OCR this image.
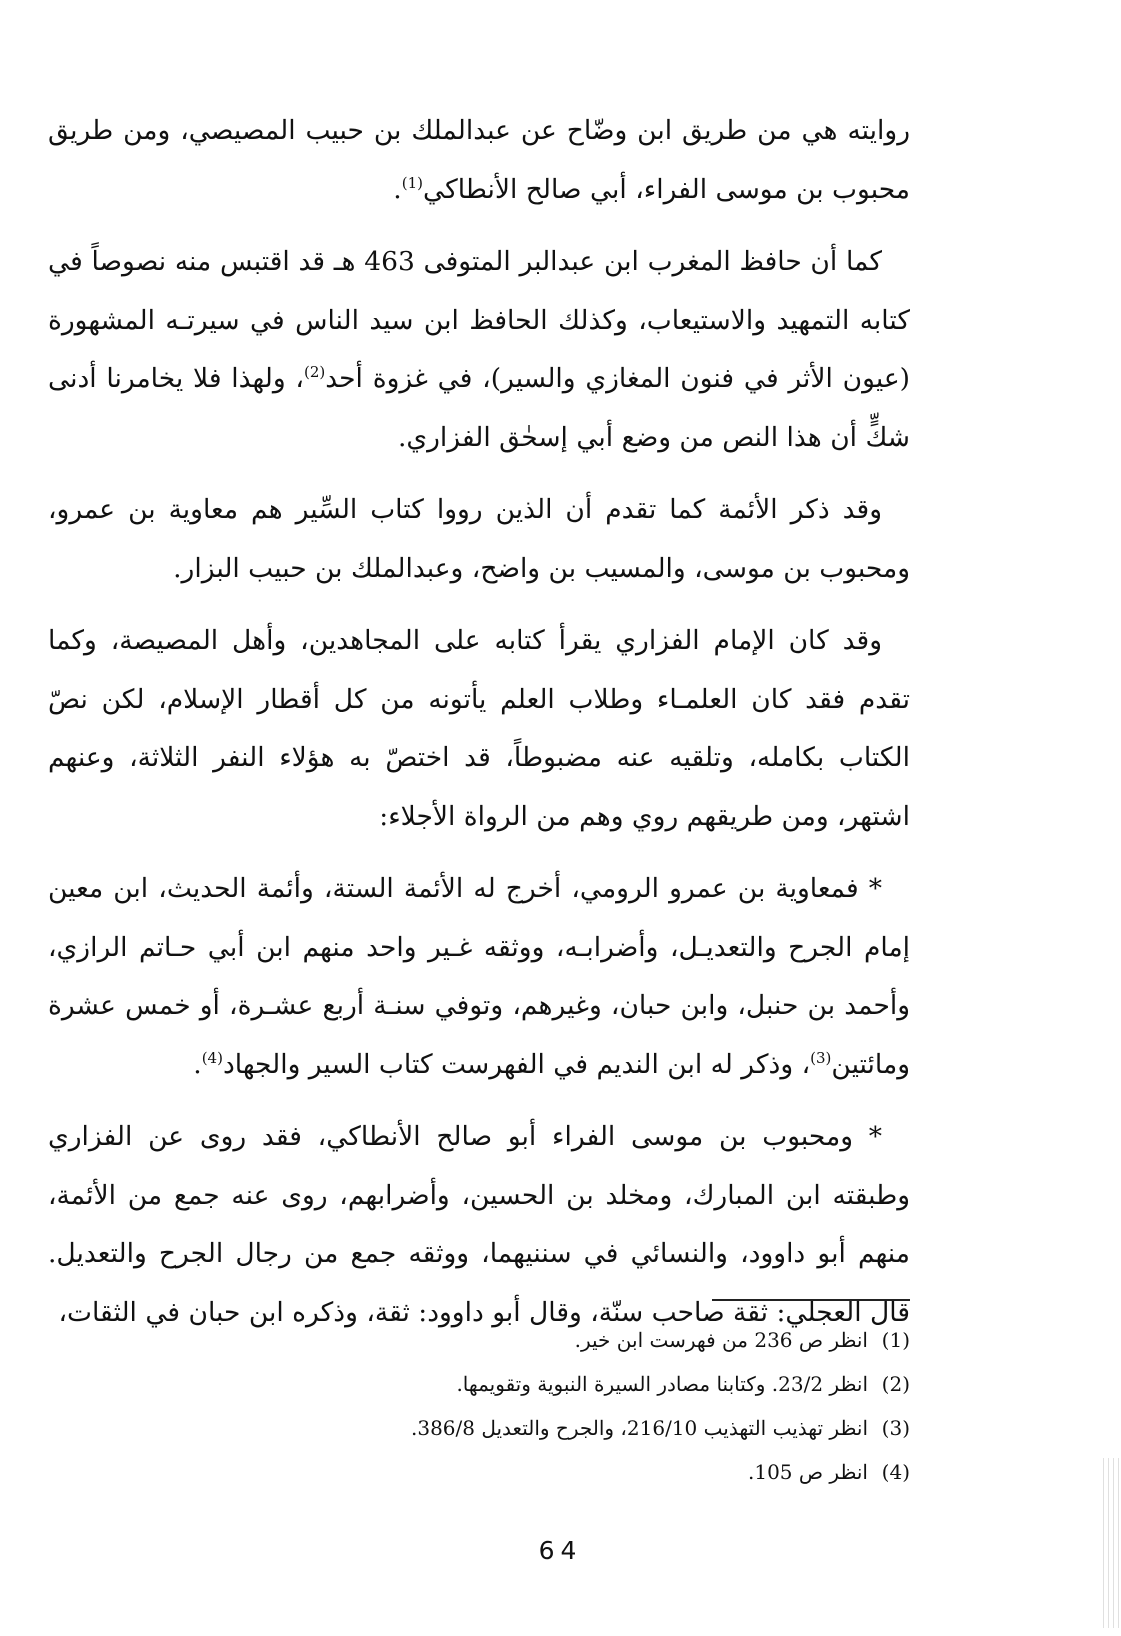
روايته هي من طريق ابن وضّاح عن عبدالملك بن حبيب المصيصي، ومن طريق محبوب بن موسى الفراء، أبي صالح الأنطاكي$^{(1)}$.

كما أن حافظ المغرب ابن عبدالبر المتوفى 463 هـ قد اقتبس منه نصوصاً في كتابه التمهيد والاستيعاب، وكذلك الحافظ ابن سيد الناس في سيرتـه المشهورة (عيون الأثر في فنون المغازي والسير)، في غزوة أحد$^{(2)}$، ولهذا فلا يخامرنا أدنى شكٍّ أن هذا النص من وضع أبي إسحٰق الفزاري.

وقد ذكر الأئمة كما تقدم أن الذين رووا كتاب السِّير هم معاوية بن عمرو، ومحبوب بن موسى، والمسيب بن واضح، وعبدالملك بن حبيب البزار.

وقد كان الإمام الفزاري يقرأ كتابه على المجاهدين، وأهل المصيصة، وكما تقدم فقد كان العلمـاء وطلاب العلم يأتونه من كل أقطار الإسلام، لكن نصّ الكتاب بكامله، وتلقيه عنه مضبوطاً، قد اختصّ به هؤلاء النفر الثلاثة، وعنهم اشتهر، ومن طريقهم روي وهم من الرواة الأجلاء:

* فمعاوية بن عمرو الرومي، أخرج له الأئمة الستة، وأئمة الحديث، ابن معين إمام الجرح والتعديـل، وأضرابـه، ووثقه غـير واحد منهم ابن أبي حـاتم الرازي، وأحمد بن حنبل، وابن حبان، وغيرهم، وتوفي سنـة أربع عشـرة، أو خمس عشرة ومائتين$^{(3)}$، وذكر له ابن النديم في الفهرست كتاب السير والجهاد$^{(4)}$.

* ومحبوب بن موسى الفراء أبو صالح الأنطاكي، فقد روى عن الفزاري وطبقته ابن المبارك، ومخلد بن الحسين، وأضرابهم، روى عنه جمع من الأئمة، منهم أبو داوود، والنسائي في سننيهما، ووثقه جمع من رجال الجرح والتعديل. قال العجلي: ثقة صاحب سنّة، وقال أبو داوود: ثقة، وذكره ابن حبان في الثقات،

(1)انظر ص 236 من فهرست ابن خير.
(2)انظر 23/2. وكتابنا مصادر السيرة النبوية وتقويمها.
(3)انظر تهذيب التهذيب 216/10، والجرح والتعديل 386/8.
(4)انظر ص 105.
64
